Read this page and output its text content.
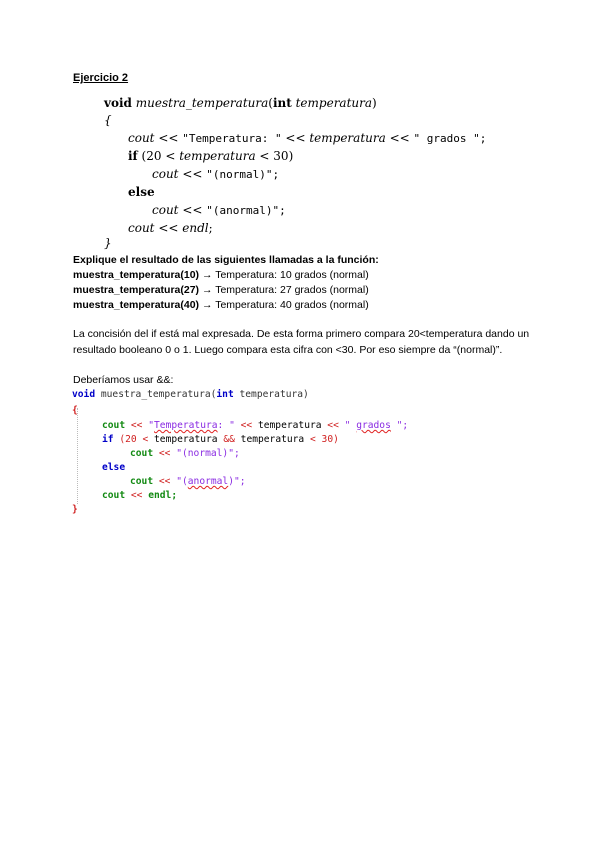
Ejercicio 2
void muestra_temperatura(int temperatura)
{
cout << "Temperatura: " << temperatura << " grados ";
if (20 < temperatura < 30)
cout << "(normal)";
else
cout << "(anormal)";
cout << endl;
}
Explique el resultado de las siguientes llamadas a la función:
muestra_temperatura(10) → Temperatura: 10 grados (normal)
muestra_temperatura(27) → Temperatura: 27 grados (normal)
muestra_temperatura(40) → Temperatura: 40 grados (normal)
La concisión del if está mal expresada. De esta forma primero compara 20<temperatura dando un resultado booleano 0 o 1. Luego compara esta cifra con <30. Por eso siempre da “(normal)”.
Deberíamos usar &&:
void muestra_temperatura(int temperatura)
{
cout << "Temperatura: " << temperatura << " grados ";
if (20 < temperatura && temperatura < 30)
cout << "(normal)";
else
cout << "(anormal)";
cout << endl;
}
